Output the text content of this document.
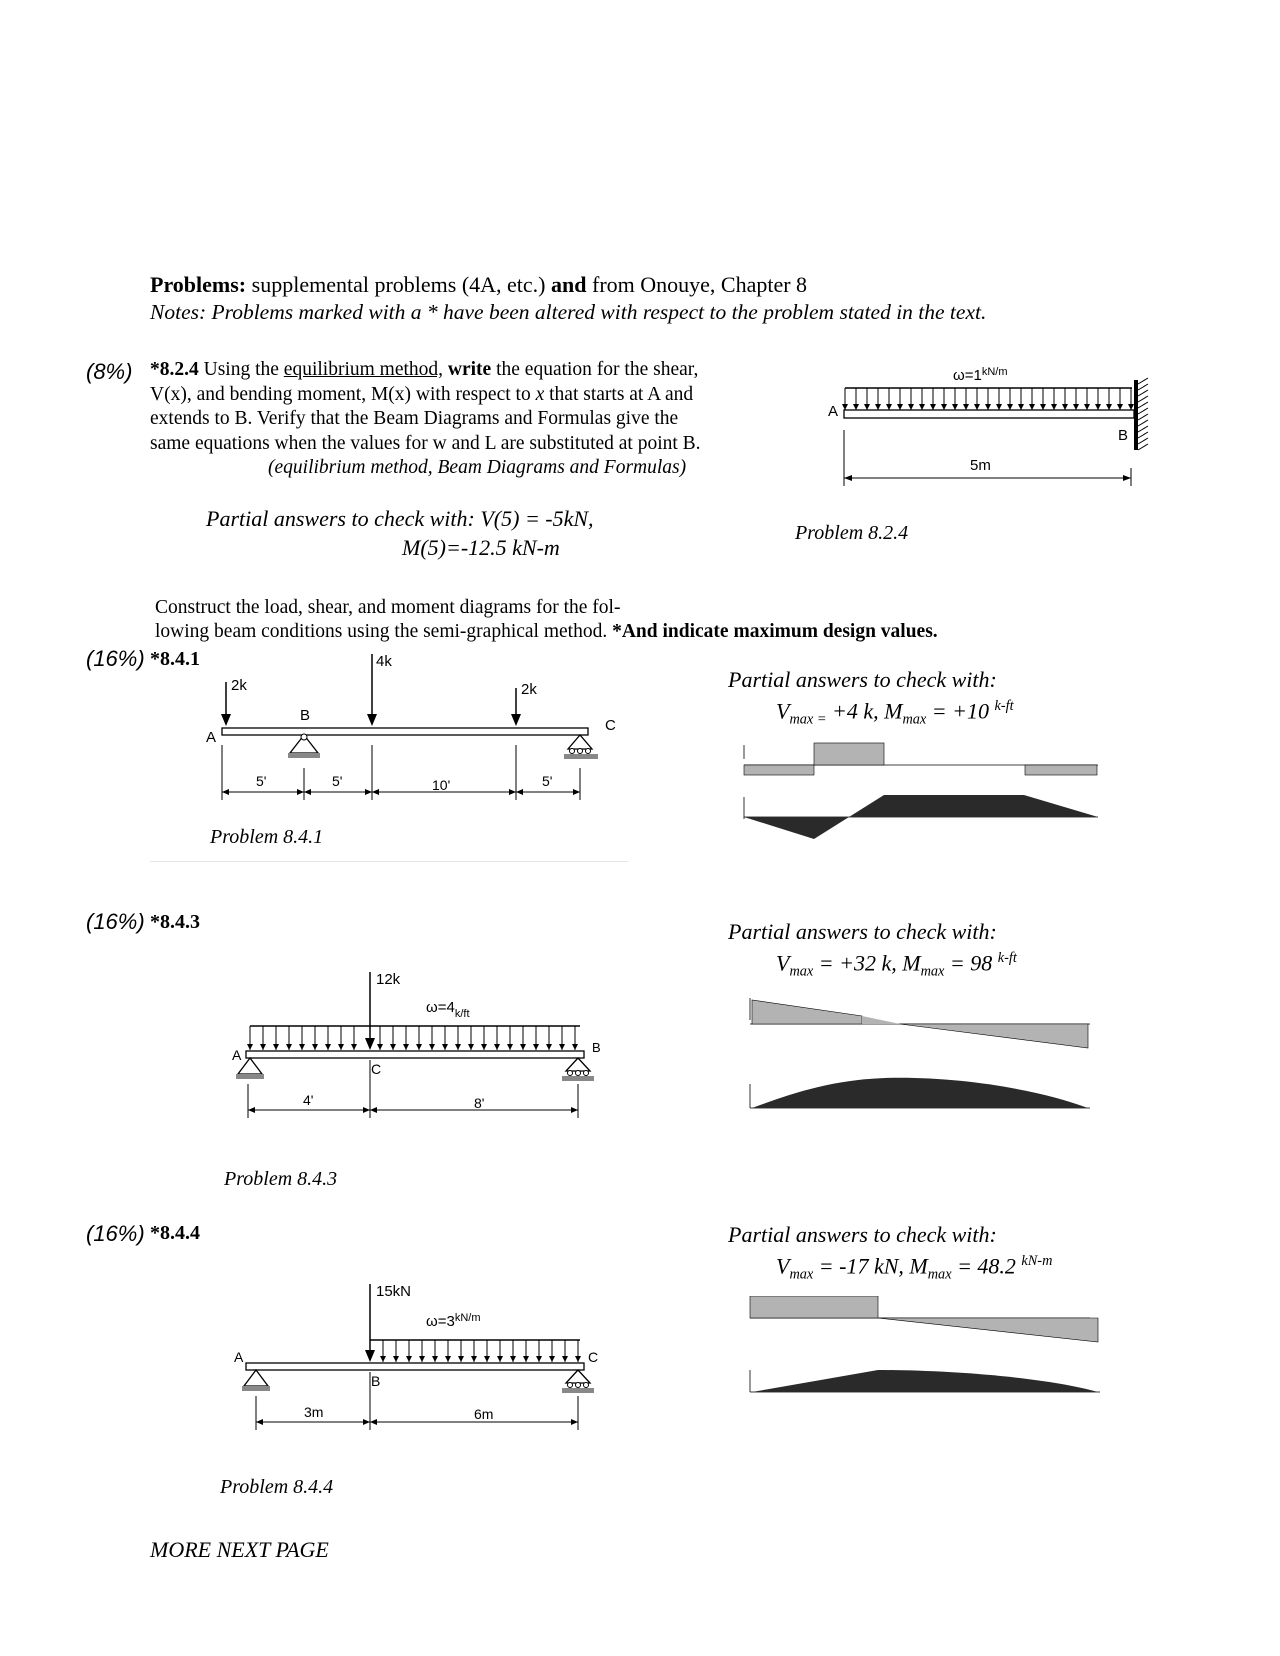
Problems: supplemental problems (4A, etc.) and from Onouye, Chapter 8
Notes: Problems marked with a * have been altered with respect to the problem stated in the text.
(8%) *8.2.4 Using the equilibrium method, write the equation for the shear,
V(x), and bending moment, M(x) with respect to x that starts at A and
extends to B. Verify that the Beam Diagrams and Formulas give the
same equations when the values for w and L are substituted at point B.
(equilibrium method, Beam Diagrams and Formulas)
Partial answers to check with: V(5) = -5kN,
M(5)=-12.5 kN-m
Problem 8.2.4
$\omega=1^{kN/m}$
A
B
5m
Construct the load, shear, and moment diagrams for the fol-
lowing beam conditions using the semi-graphical method. *And indicate maximum design values.
(16%) *8.4.1	4k
2k	2k
A
B
C
5'	5'	10'	5'
Problem 8.4.1
Partial answers to check with:
$V_{max =} +4$ k, $M_{max} = +10$ $^{k-ft}$
(16%) *8.4.3
12k
$\omega=4_{k/ft}$
A	B
C
4'	8'
Problem 8.4.3
Partial answers to check with:
$V_{max} = +32$ k, $M_{max} = 98$ $^{k-ft}$
(16%) *8.4.4
15kN
$\omega=3^{kN/m}$
A	C
B
3m	6m
Problem 8.4.4
Partial answers to check with:
$V_{max} = -17$ kN, $M_{max} = 48.2$ $^{kN-m}$
MORE NEXT PAGE
